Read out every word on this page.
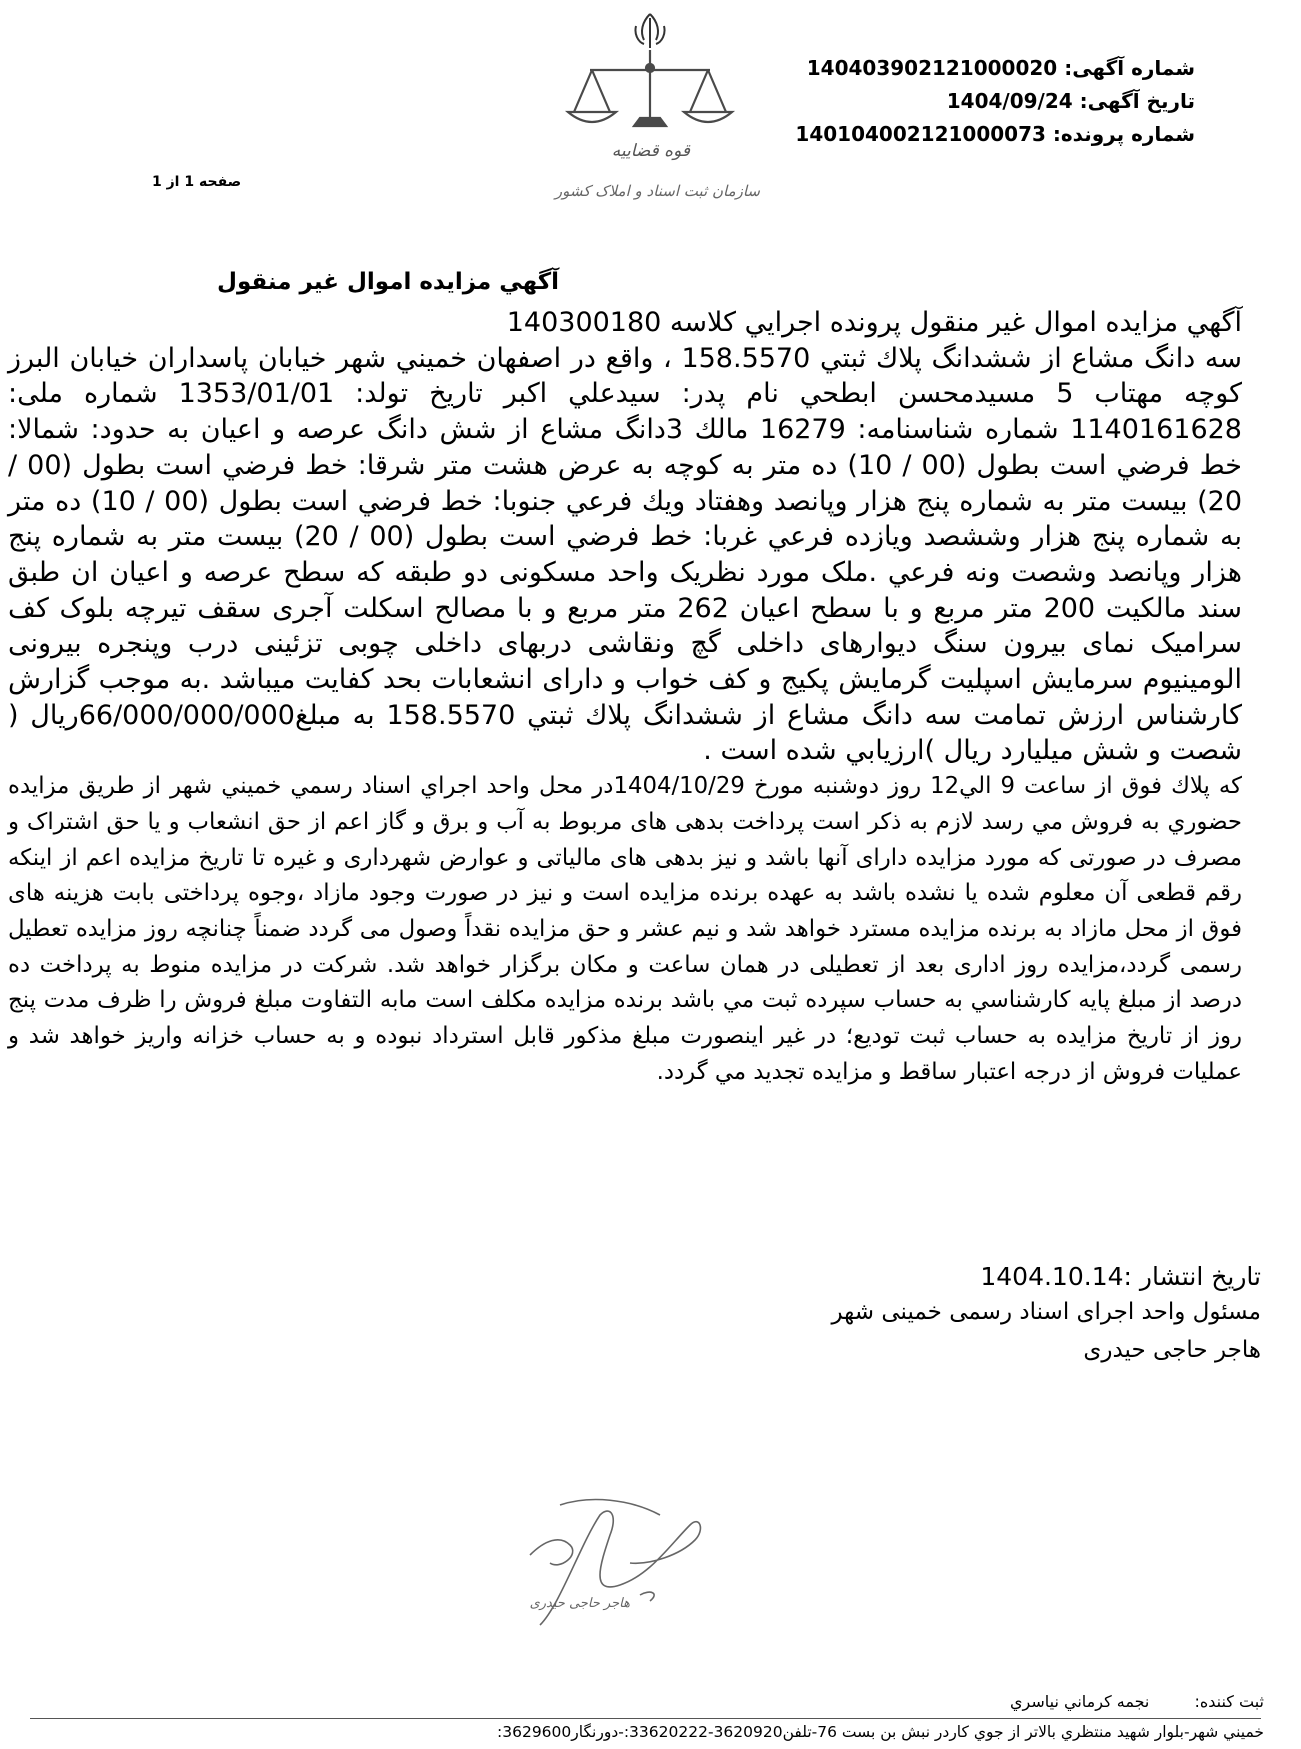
شماره آگهی: 140403902121000020
تاریخ آگهی: 1404/09/24
شماره پرونده: 140104002121000073
قوه قضاییه
سازمان ثبت اسناد و املاک کشور
صفحه 1 از 1
آگهي مزايده اموال غير منقول

آگهي مزايده اموال غير منقول پرونده اجرايي كلاسه 140300180

سه دانگ مشاع از ششدانگ پلاك ثبتي 158.5570 ، واقع در اصفهان خميني شهر خيابان پاسداران خيابان البرز كوچه مهتاب 5 مسيدمحسن ابطحي نام پدر: سيدعلي اكبر تاريخ تولد: 1353/01/01 شماره ملی: 1140161628 شماره شناسنامه: 16279 مالك 3دانگ مشاع از شش دانگ عرصه و اعيان به حدود: شمالا: خط فرضي است بطول (00 / 10) ده متر به كوچه به عرض هشت متر شرقا: خط فرضي است بطول (00 / 20) بيست متر به شماره پنج هزار وپانصد وهفتاد ويك فرعي جنوبا: خط فرضي است بطول (00 / 10) ده متر به شماره پنج هزار وششصد ويازده فرعي غربا: خط فرضي است بطول (00 / 20) بيست متر به شماره پنج هزار وپانصد وشصت ونه فرعي .ملک مورد نظریک واحد مسکونی دو طبقه که سطح عرصه و اعیان ان طبق سند مالکیت 200 متر مربع و با سطح اعیان 262 متر مربع و با مصالح اسکلت آجری سقف تیرچه بلوک کف سرامیک نمای بیرون سنگ دیوارهای داخلی گچ ونقاشی دربهای داخلی چوبی تزئینی درب وپنجره بیرونی الومینیوم سرمایش اسپلیت گرمایش پکیج و کف خواب و دارای انشعابات بحد کفایت میباشد .به موجب گزارش کارشناس ارزش تمامت سه دانگ مشاع از ششدانگ پلاك ثبتي 158.5570 به مبلغ66/000/000/000ريال ( شصت و شش ميليارد ريال )ارزيابي شده است .

كه پلاك فوق از ساعت 9 الي12 روز دوشنبه مورخ 1404/10/29در محل واحد اجراي اسناد رسمي خميني شهر از طريق مزايده حضوري به فروش مي رسد لازم به ذكر است پرداخت بدهی های مربوط به آب و برق و گاز اعم از حق انشعاب و یا حق اشتراک و مصرف در صورتی که مورد مزایده دارای آنها باشد و نیز بدهی های مالیاتی و عوارض شهرداری و غیره تا تاریخ مزایده اعم از اینکه رقم قطعی آن معلوم شده یا نشده باشد به عهده برنده مزایده است و نیز در صورت وجود مازاد ،وجوه پرداختی بابت هزینه های فوق از محل مازاد به برنده مزایده مسترد خواهد شد و نیم عشر و حق مزایده نقداً وصول می گردد ضمناً چنانچه روز مزایده تعطیل رسمی گردد،مزایده روز اداری بعد از تعطیلی در همان ساعت و مکان برگزار خواهد شد. شركت در مزايده منوط به پرداخت ده درصد از مبلغ پايه كارشناسي به حساب سپرده ثبت مي باشد برنده مزايده مكلف است مابه التفاوت مبلغ فروش را ظرف مدت پنج روز از تاريخ مزايده به حساب ثبت توديع؛ در غير اينصورت مبلغ مذكور قابل استرداد نبوده و به حساب خزانه واريز خواهد شد و عمليات فروش از درجه اعتبار ساقط و مزايده تجديد مي گردد.

تاریخ انتشار :1404.10.14
مسئول واحد اجرای اسناد رسمی خمینی شهر
هاجر حاجی حیدری
هاجر حاجی حیدری
ثبت کننده: نجمه كرماني نياسري
خميني شهر-بلوار شهيد منتظري بالاتر از جوي كاردر نبش بن بست 76-تلفن3620920-33620222:-دورنگار3629600:
